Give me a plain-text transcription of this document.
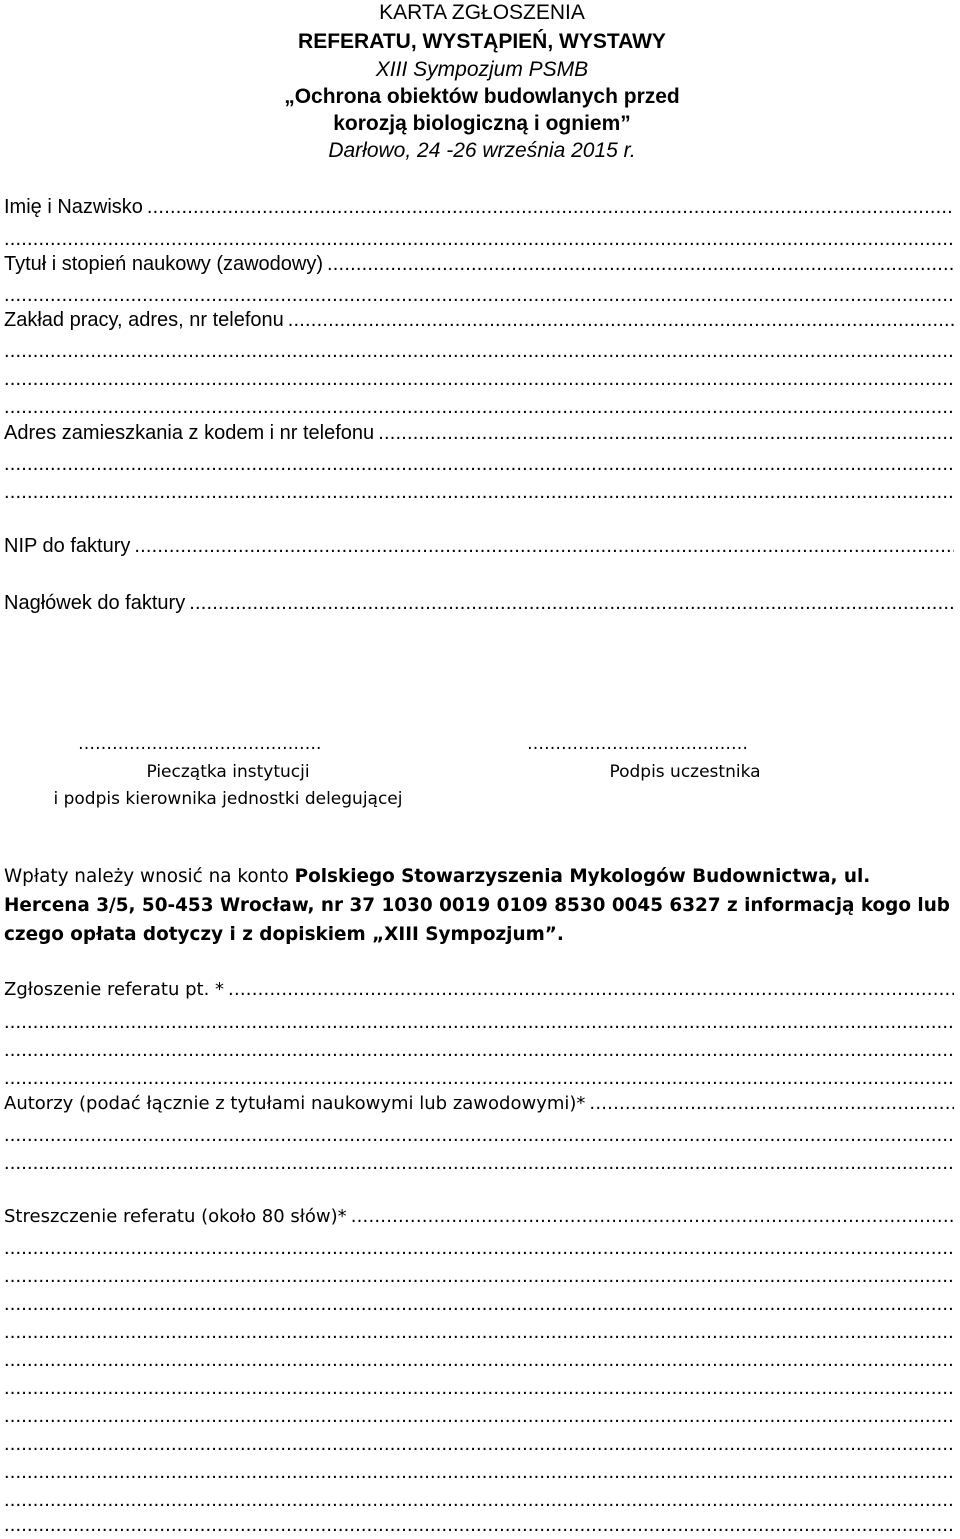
KARTA ZGŁOSZENIA
REFERATU, WYSTĄPIEŃ, WYSTAWY
XIII Sympozjum PSMB
„Ochrona obiektów budowlanych przed
korozją biologiczną i ogniem”
Darłowo, 24 -26 września 2015 r.
Imię i Nazwisko .....
.....
Tytuł i stopień naukowy (zawodowy) .....
.....
Zakład pracy, adres, nr telefonu .....
.....
.....
.....
Adres zamieszkania z kodem i nr telefonu .....
.....
.....
NIP do faktury .....
Nagłówek do faktury .....
…………………………………….
Pieczątka instytucji
i podpis kierownika jednostki delegującej
…………………………………
Podpis uczestnika
Wpłaty należy wnosić na konto Polskiego Stowarzyszenia Mykologów Budownictwa, ul. Hercena 3/5, 50-453 Wrocław, nr 37 1030 0019 0109 8530 0045 6327 z informacją kogo lub czego opłata dotyczy i z dopiskiem „XIII Sympozjum”.
Zgłoszenie referatu pt. * .....
.....
.....
.....
Autorzy (podać łącznie z tytułami naukowymi lub zawodowymi)* .....
.....
.....
Streszczenie referatu (około 80 słów)* .....
.....
.....
.....
.....
.....
.....
.....
.....
.....
.....
.....
